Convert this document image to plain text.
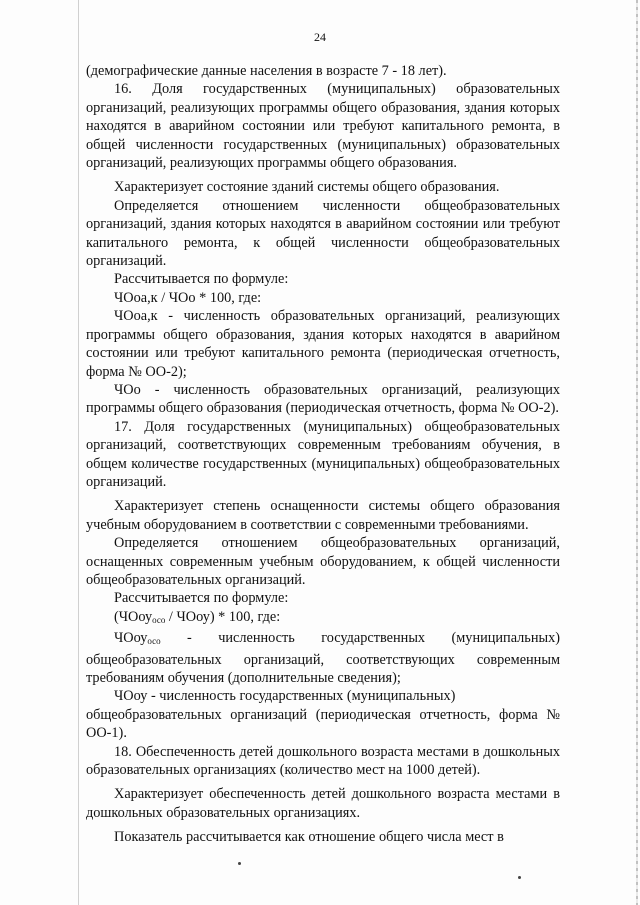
24

(демографические данные населения в возрасте 7 - 18 лет).

16. Доля государственных (муниципальных) образовательных организаций, реализующих программы общего образования, здания которых находятся в аварийном состоянии или требуют капитального ремонта, в общей численности государственных (муниципальных) образовательных организаций, реализующих программы общего образования.

Характеризует состояние зданий системы общего образования.

Определяется отношением численности общеобразовательных организаций, здания которых находятся в аварийном состоянии или требуют капитального ремонта, к общей численности общеобразовательных организаций.

Рассчитывается по формуле:

ЧОоа,к / ЧОо * 100, где:

ЧОоа,к - численность образовательных организаций, реализующих программы общего образования, здания которых находятся в аварийном состоянии или требуют капитального ремонта (периодическая отчетность, форма № ОО-2);

ЧОо - численность образовательных организаций, реализующих программы общего образования (периодическая отчетность, форма № ОО-2).

17. Доля государственных (муниципальных) общеобразовательных организаций, соответствующих современным требованиям обучения, в общем количестве государственных (муниципальных) общеобразовательных организаций.

Характеризует степень оснащенности системы общего образования учебным оборудованием в соответствии с современными требованиями.

Определяется отношением общеобразовательных организаций, оснащенных современным учебным оборудованием, к общей численности общеобразовательных организаций.

Рассчитывается по формуле:

(ЧОоу$_{осо}$ / ЧОоу) * 100, где:

ЧОоу$_{осо}$ - численность государственных (муниципальных) общеобразовательных организаций, соответствующих современным требованиям обучения (дополнительные сведения);

ЧОоу - численность государственных (муниципальных)

общеобразовательных организаций (периодическая отчетность, форма № ОО-1).

18. Обеспеченность детей дошкольного возраста местами в дошкольных образовательных организациях (количество мест на 1000 детей).

Характеризует обеспеченность детей дошкольного возраста местами в дошкольных образовательных организациях.

Показатель рассчитывается как отношение общего числа мест в
